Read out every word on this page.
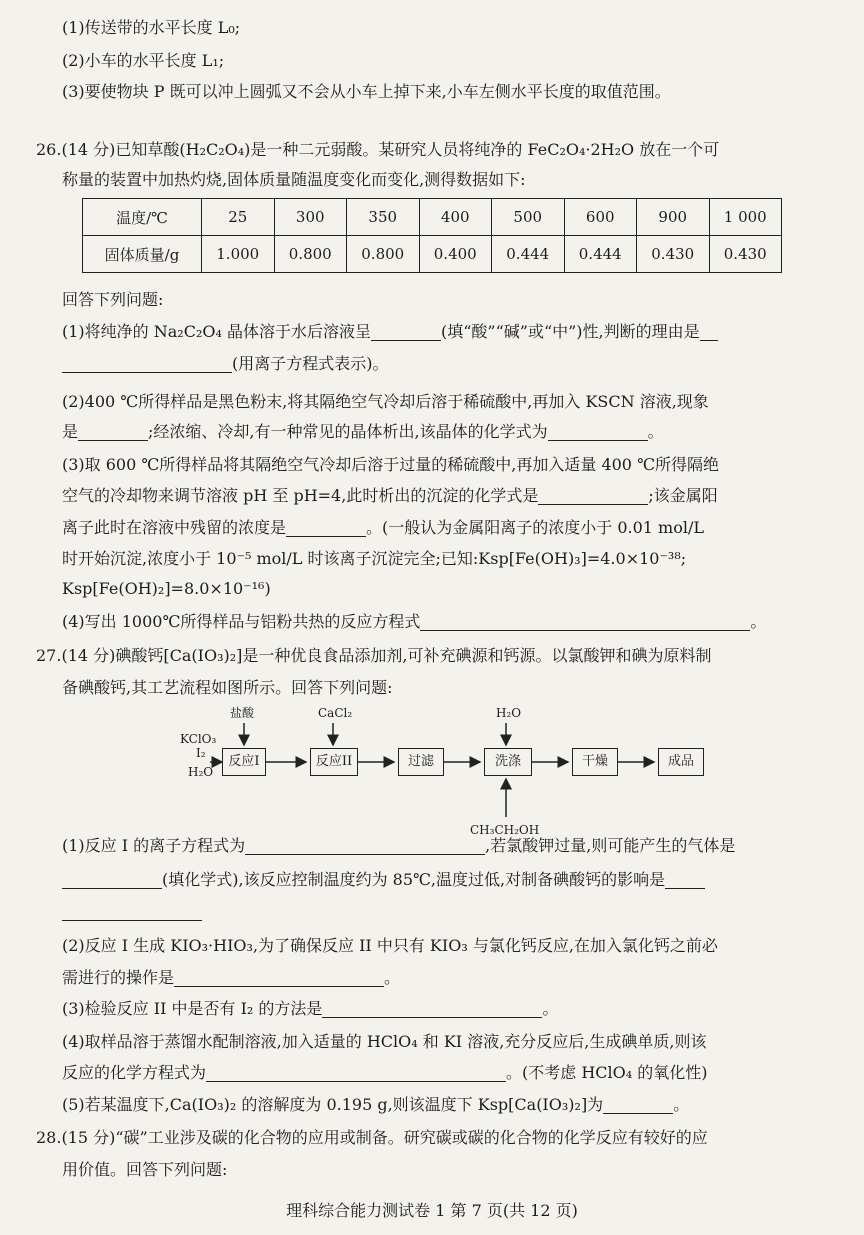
(1)传送带的水平长度 L₀;
(2)小车的水平长度 L₁;
(3)要使物块 P 既可以冲上圆弧又不会从小车上掉下来,小车左侧水平长度的取值范围。
26.(14 分)已知草酸(H₂C₂O₄)是一种二元弱酸。某研究人员将纯净的 FeC₂O₄·2H₂O 放在一个可
称量的装置中加热灼烧,固体质量随温度变化而变化,测得数据如下:
温度/℃	25	300	350	400	500	600	900	1 000
固体质量/g	1.000	0.800	0.800	0.400	0.444	0.444	0.430	0.430
回答下列问题:
(1)将纯净的 Na₂C₂O₄ 晶体溶于水后溶液呈	(填“酸”“碱”或“中”)性,判断的理由是
(用离子方程式表示)。
(2)400 ℃所得样品是黑色粉末,将其隔绝空气冷却后溶于稀硫酸中,再加入 KSCN 溶液,现象
是	;经浓缩、冷却,有一种常见的晶体析出,该晶体的化学式为	。
(3)取 600 ℃所得样品将其隔绝空气冷却后溶于过量的稀硫酸中,再加入适量 400 ℃所得隔绝
空气的冷却物来调节溶液 pH 至 pH=4,此时析出的沉淀的化学式是	;该金属阳
离子此时在溶液中残留的浓度是	。(一般认为金属阳离子的浓度小于 0.01 mol/L
时开始沉淀,浓度小于 10⁻⁵ mol/L 时该离子沉淀完全;已知:Ksp[Fe(OH)₃]=4.0×10⁻³⁸;
Ksp[Fe(OH)₂]=8.0×10⁻¹⁶)
(4)写出 1000℃所得样品与铝粉共热的反应方程式	。
27.(14 分)碘酸钙[Ca(IO₃)₂]是一种优良食品添加剂,可补充碘源和钙源。以氯酸钾和碘为原料制
备碘酸钙,其工艺流程如图所示。回答下列问题:
KClO₃
I₂
H₂O
盐酸	CaCl₂	H₂O
CH₃CH₂OH
反应I	反应II	过滤	洗涤	干燥	成品
(1)反应 I 的离子方程式为	,若氯酸钾过量,则可能产生的气体是
(填化学式),该反应控制温度约为 85℃,温度过低,对制备碘酸钙的影响是
(2)反应 I 生成 KIO₃·HIO₃,为了确保反应 II 中只有 KIO₃ 与氯化钙反应,在加入氯化钙之前必
需进行的操作是	。
(3)检验反应 II 中是否有 I₂ 的方法是	。
(4)取样品溶于蒸馏水配制溶液,加入适量的 HClO₄ 和 KI 溶液,充分反应后,生成碘单质,则该
反应的化学方程式为	。(不考虑 HClO₄ 的氧化性)
(5)若某温度下,Ca(IO₃)₂ 的溶解度为 0.195 g,则该温度下 Ksp[Ca(IO₃)₂]为	。
28.(15 分)“碳”工业涉及碳的化合物的应用或制备。研究碳或碳的化合物的化学反应有较好的应
用价值。回答下列问题:
理科综合能力测试卷 1 第 7 页(共 12 页)
